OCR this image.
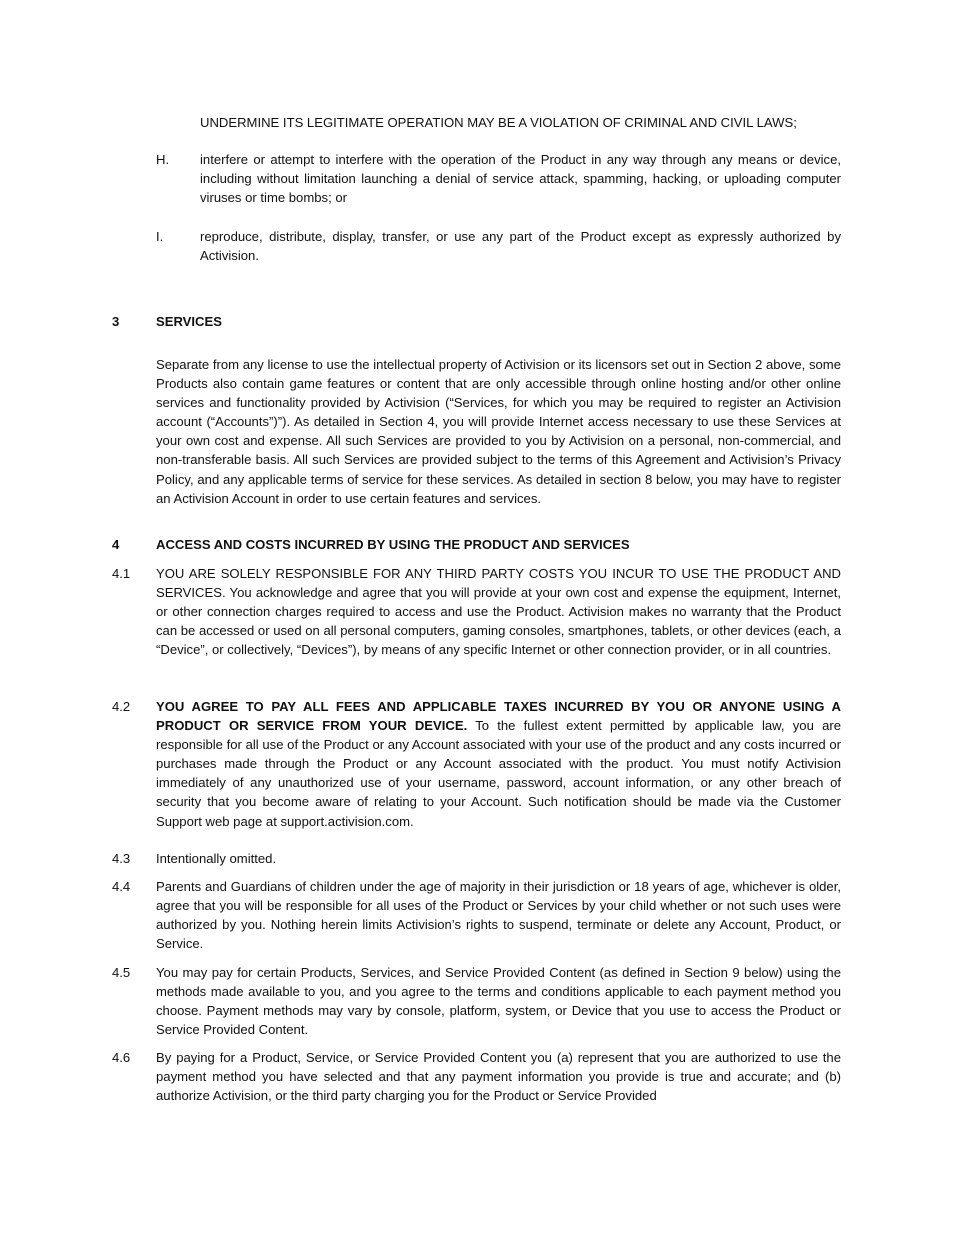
UNDERMINE ITS LEGITIMATE OPERATION MAY BE A VIOLATION OF CRIMINAL AND CIVIL LAWS;

H. interfere or attempt to interfere with the operation of the Product in any way through any means or device, including without limitation launching a denial of service attack, spamming, hacking, or uploading computer viruses or time bombs; or

I.	reproduce, distribute, display, transfer, or use any part of the Product except as expressly authorized by Activision.

3	SERVICES

Separate from any license to use the intellectual property of Activision or its licensors set out in Section 2 above, some Products also contain game features or content that are only accessible through online hosting and/or other online services and functionality provided by Activision (“Services, for which you may be required to register an Activision account (“Accounts”)”). As detailed in Section 4, you will provide Internet access necessary to use these Services at your own cost and expense. All such Services are provided to you by Activision on a personal, non-commercial, and non-transferable basis. All such Services are provided subject to the terms of this Agreement and Activision’s Privacy Policy, and any applicable terms of service for these services. As detailed in section 8 below, you may have to register an Activision Account in order to use certain features and services.

4	ACCESS AND COSTS INCURRED BY USING THE PRODUCT AND SERVICES
4.1 YOU ARE SOLELY RESPONSIBLE FOR ANY THIRD PARTY COSTS YOU INCUR TO USE THE PRODUCT AND SERVICES. You acknowledge and agree that you will provide at your own cost and expense the equipment, Internet, or other connection charges required to access and use the Product. Activision makes no warranty that the Product can be accessed or used on all personal computers, gaming consoles, smartphones, tablets, or other devices (each, a “Device”, or collectively, “Devices”), by means of any specific Internet or other connection provider, or in all countries.

4.2 YOU AGREE TO PAY ALL FEES AND APPLICABLE TAXES INCURRED BY YOU OR ANYONE USING A PRODUCT OR SERVICE FROM YOUR DEVICE. To the fullest extent permitted by applicable law, you are responsible for all use of the Product or any Account associated with your use of the product and any costs incurred or purchases made through the Product or any Account associated with the product. You must notify Activision immediately of any unauthorized use of your username, password, account information, or any other breach of security that you become aware of relating to your Account. Such notification should be made via the Customer Support web page at support.activision.com.

4.3 Intentionally omitted.

4.4 Parents and Guardians of children under the age of majority in their jurisdiction or 18 years of age, whichever is older, agree that you will be responsible for all uses of the Product or Services by your child whether or not such uses were authorized by you. Nothing herein limits Activision’s rights to suspend, terminate or delete any Account, Product, or Service.

4.5 You may pay for certain Products, Services, and Service Provided Content (as defined in Section 9 below) using the methods made available to you, and you agree to the terms and conditions applicable to each payment method you choose. Payment methods may vary by console, platform, system, or Device that you use to access the Product or Service Provided Content.

4.6 By paying for a Product, Service, or Service Provided Content you (a) represent that you are authorized to use the payment method you have selected and that any payment information you provide is true and accurate; and (b) authorize Activision, or the third party charging you for the Product or Service Provided
